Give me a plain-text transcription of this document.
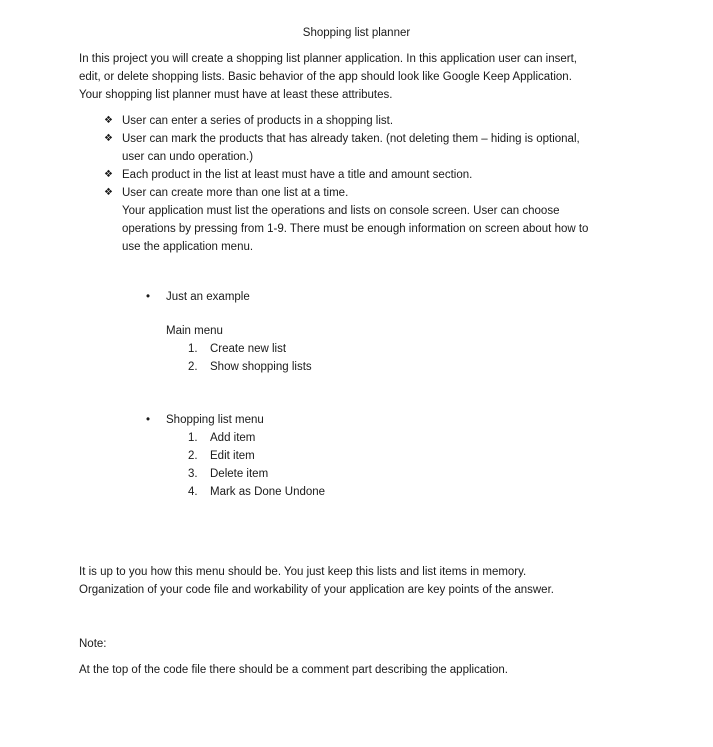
Shopping list planner

In this project you will create a shopping list planner application. In this application user can insert,

edit, or delete shopping lists. Basic behavior of the app should look like Google Keep Application.

Your shopping list planner must have at least these attributes.

❖ User can enter a series of products in a shopping list.
❖ User can mark the products that has already taken. (not deleting them – hiding is optional,
user can undo operation.)
❖ Each product in the list at least must have a title and amount section.
❖ User can create more than one list at a time.
Your application must list the operations and lists on console screen. User can choose
operations by pressing from 1-9. There must be enough information on screen about how to
use the application menu.
• Just an example
Main menu
1. Create new list
2. Show shopping lists
• Shopping list menu
1. Add item
2. Edit item
3. Delete item
4. Mark as Done Undone

It is up to you how this menu should be. You just keep this lists and list items in memory.

Organization of your code file and workability of your application are key points of the answer.

Note:
At the top of the code file there should be a comment part describing the application.
